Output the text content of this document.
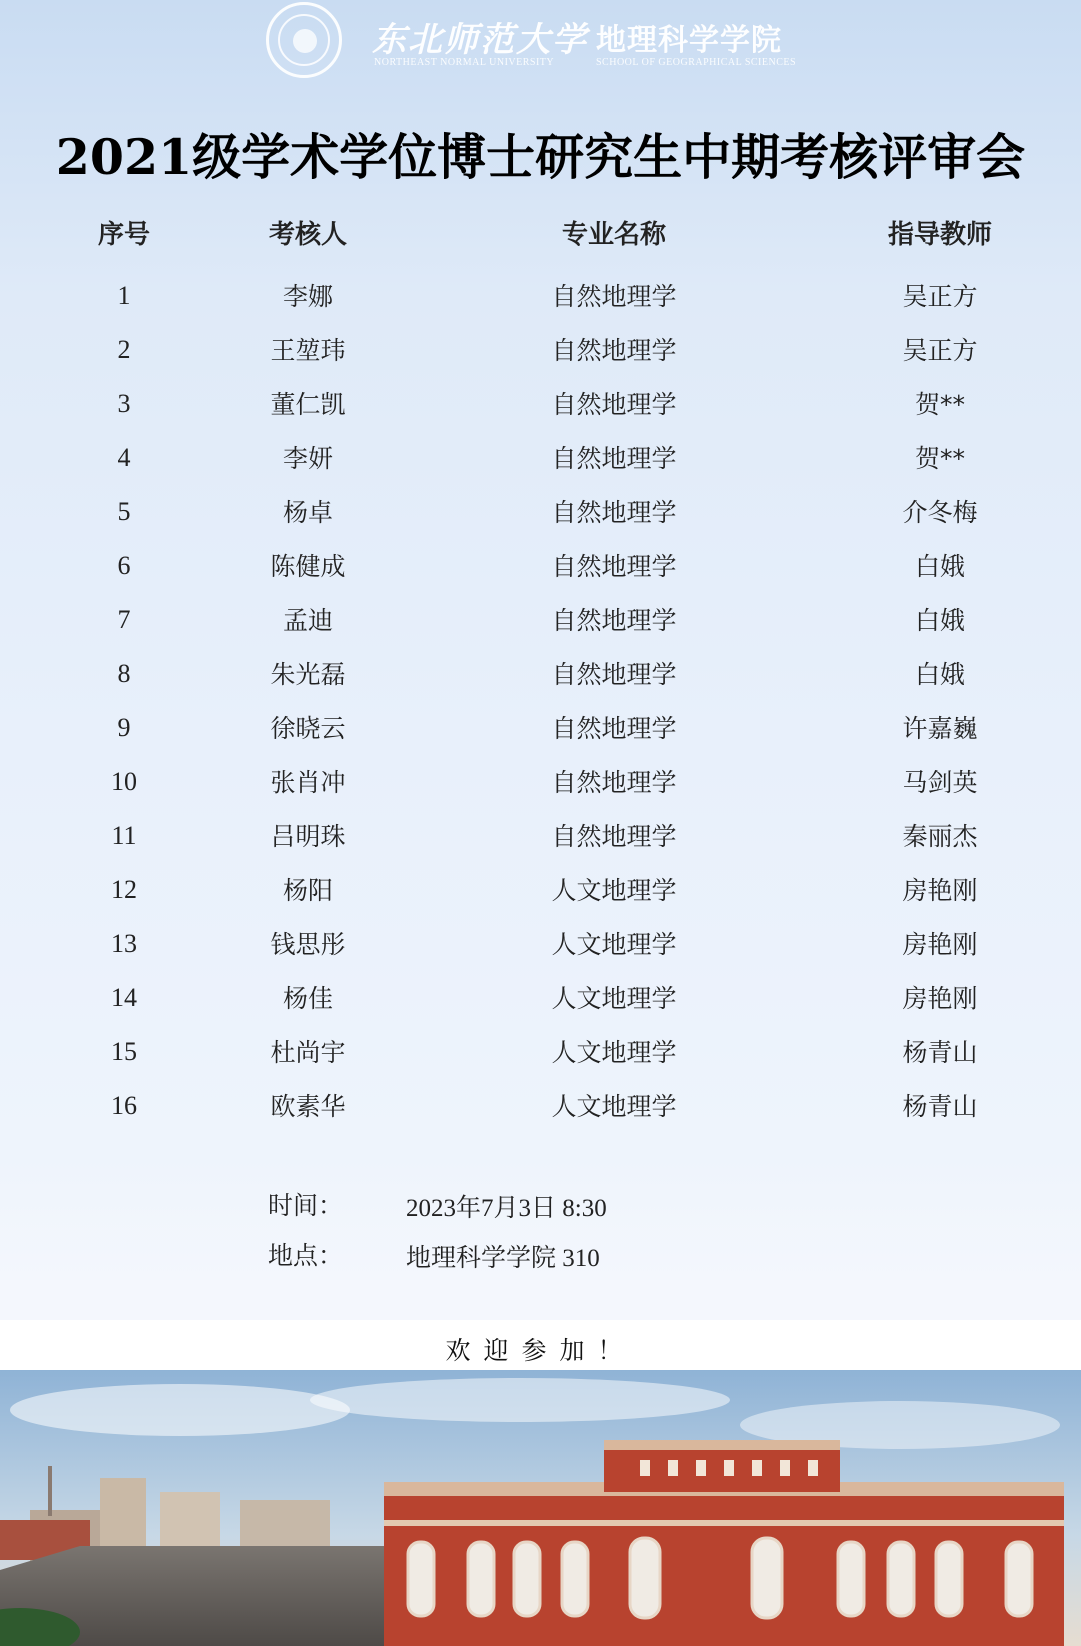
东北师范大学 地理科学学院
NORTHEAST NORMAL UNIVERSITY	SCHOOL OF GEOGRAPHICAL SCIENCES
2021级学术学位博士研究生中期考核评审会
序号	考核人	专业名称	指导教师
1	李娜	自然地理学	吴正方
2	王堃玮	自然地理学	吴正方
3	董仁凯	自然地理学	贺**
4	李妍	自然地理学	贺**
5	杨卓	自然地理学	介冬梅
6	陈健成	自然地理学	白娥
7	孟迪	自然地理学	白娥
8	朱光磊	自然地理学	白娥
9	徐晓云	自然地理学	许嘉巍
10	张肖冲	自然地理学	马剑英
11	吕明珠	自然地理学	秦丽杰
12	杨阳	人文地理学	房艳刚
13	钱思彤	人文地理学	房艳刚
14	杨佳	人文地理学	房艳刚
15	杜尚宇	人文地理学	杨青山
16	欧素华	人文地理学	杨青山
时间：	2023年7月3日 8:30
地点：	地理科学学院 310
欢迎参加！
